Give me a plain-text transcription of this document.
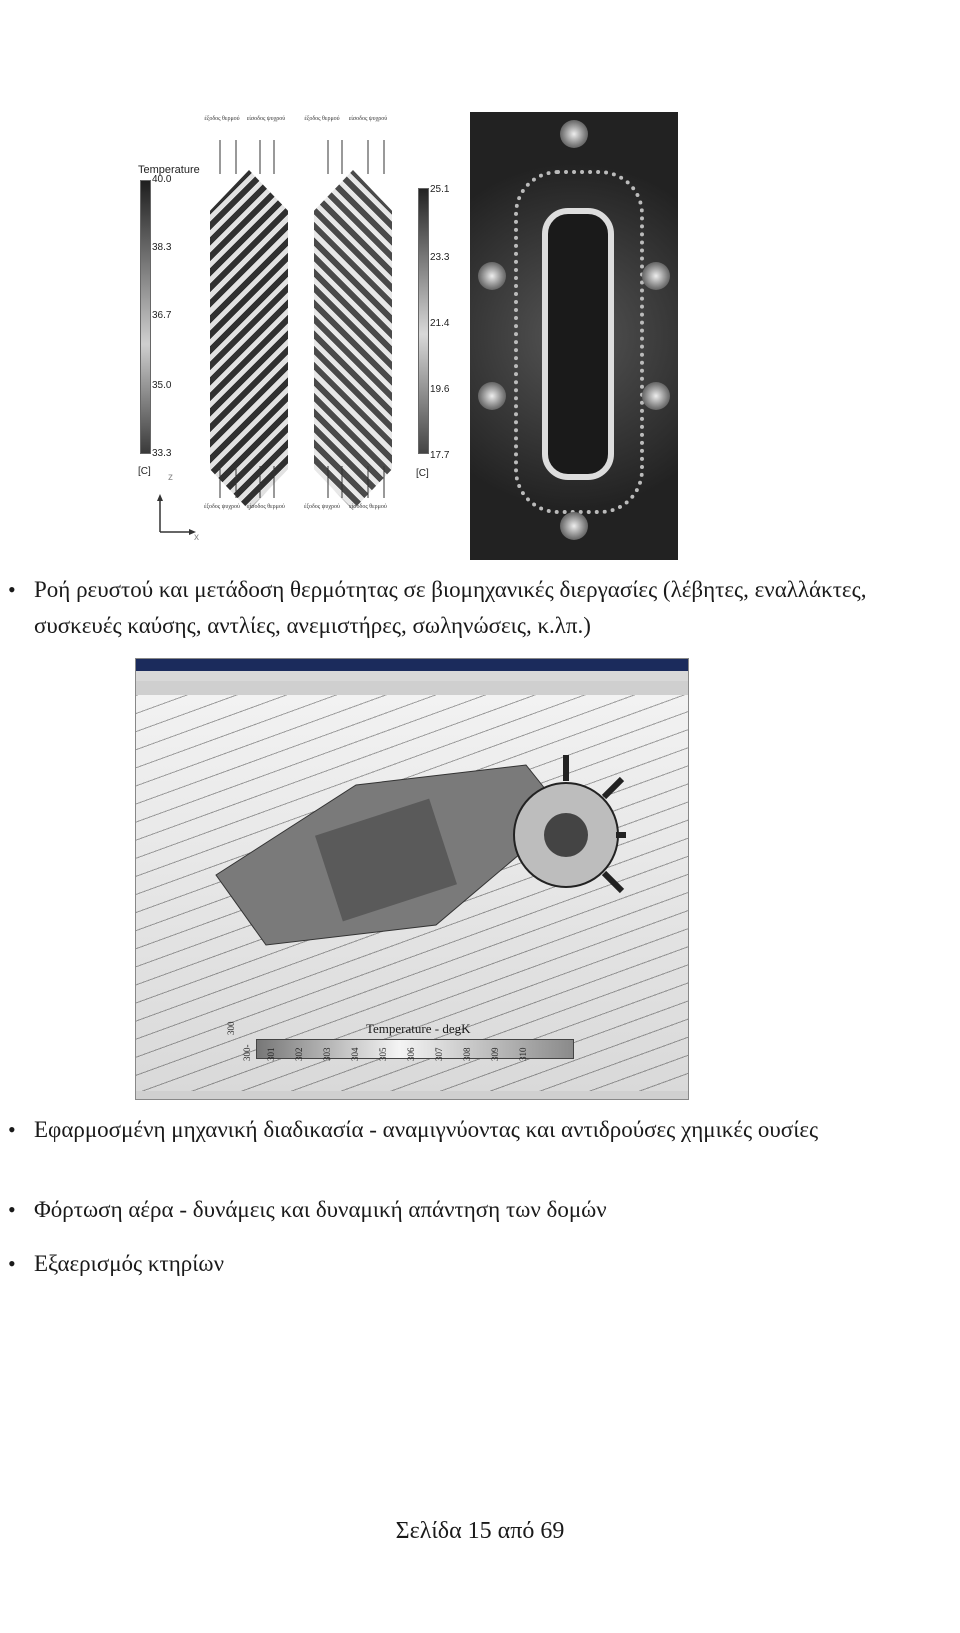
Temperature
40.0
38.3
36.7
35.0
33.3
[C]
z
x
έξοδος θερμού	είσοδος ψυχρού	έξοδος θερμού	είσοδος ψυχρού
έξοδος ψυχρού	είσοδος θερμού	έξοδος ψυχρού	είσοδος θερμού
25.1
23.3
21.4
19.6
17.7
[C]
• Ροή ρευστού και μετάδοση θερμότητας σε βιομηχανικές διεργασίες (λέβητες, εναλλάκτες, συσκευές καύσης, αντλίες, ανεμιστήρες, σωληνώσεις, κ.λπ.)
Temperature - degK
300
300- 301 302 303 304 305 306 307 308 309 310
• Εφαρμοσμένη μηχανική διαδικασία - αναμιγνύοντας και αντιδρούσες χημικές ουσίες
• Φόρτωση αέρα - δυνάμεις και δυναμική απάντηση των δομών
• Εξαερισμός κτηρίων
Σελίδα 15 από 69
